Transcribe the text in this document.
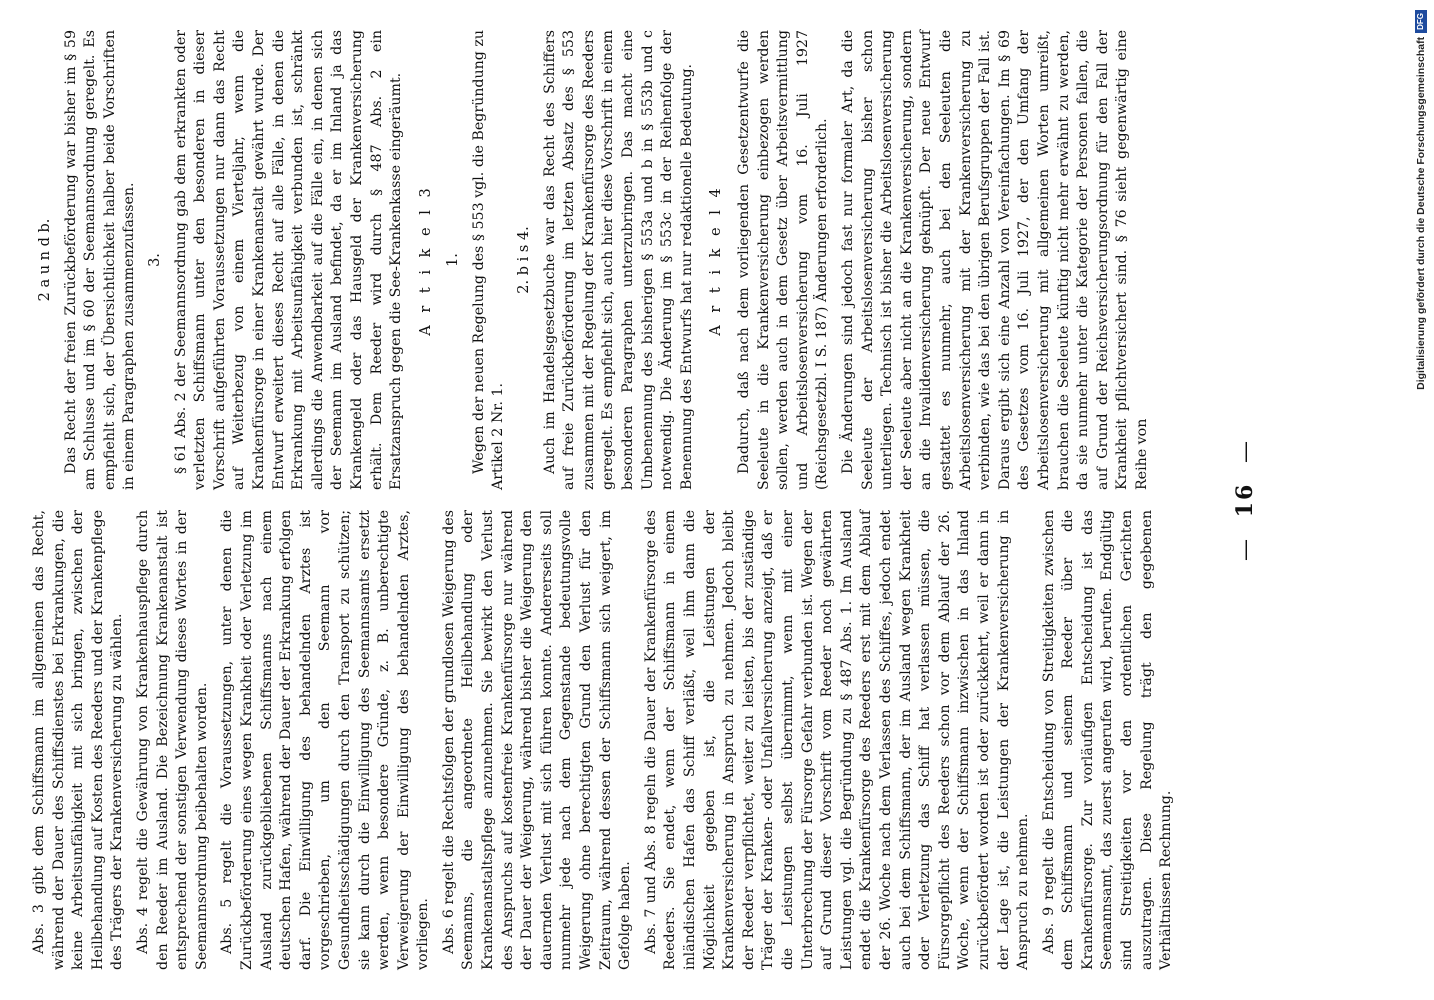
Abs. 3 gibt dem Schiffsmann im allgemeinen das Recht, während der Dauer des Schiffsdienstes bei Erkrankungen, die keine Arbeitsunfähigkeit mit sich bringen, zwischen der Heilbehandlung auf Kosten des Reeders und der Krankenpflege des Trägers der Krankenversicherung zu wählen. Abs. 4 regelt die Gewährung von Krankenhauspflege durch den Reeder im Ausland. Die Bezeichnung Krankenanstalt ist entsprechend der sonstigen Verwendung dieses Wortes in der Seemannsordnung beibehalten worden. Abs. 5 regelt die Voraussetzungen, unter denen die Zurückbeförderung eines wegen Krankheit oder Verletzung im Ausland zurückgebliebenen Schiffsmanns nach einem deutschen Hafen, während der Dauer der Erkrankung erfolgen darf. Die Einwilligung des behandelnden Arztes ist vorgeschrieben, um den Seemann vor Gesundheitsschädigungen durch den Transport zu schützen; sie kann durch die Einwilligung des Seemannsamts ersetzt werden, wenn besondere Gründe, z. B. unberechtigte Verweigerung der Einwilligung des behandelnden Arztes, vorliegen. Abs. 6 regelt die Rechtsfolgen der grundlosen Weigerung des Seemanns, die angeordnete Heilbehandlung oder Krankenanstaltspflege anzunehmen. Sie bewirkt den Verlust des Anspruchs auf kostenfreie Krankenfürsorge nur während der Dauer der Weigerung, während bisher die Weigerung den dauernden Verlust mit sich führen konnte. Andererseits soll nunmehr jede nach dem Gegenstande bedeutungsvolle Weigerung ohne berechtigten Grund den Verlust für den Zeitraum, während dessen der Schiffsmann sich weigert, im Gefolge haben. Abs. 7 und Abs. 8 regeln die Dauer der Krankenfürsorge des Reeders. Sie endet, wenn der Schiffsmann in einem inländischen Hafen das Schiff verläßt, weil ihm dann die Möglichkeit gegeben ist, die Leistungen der Krankenversicherung in Anspruch zu nehmen. Jedoch bleibt der Reeder verpflichtet, weiter zu leisten, bis der zuständige Träger der Kranken- oder Unfallversicherung anzeigt, daß er die Leistungen selbst übernimmt, wenn mit einer Unterbrechung der Fürsorge Gefahr verbunden ist. Wegen der auf Grund dieser Vorschrift vom Reeder noch gewährten Leistungen vgl. die Begründung zu § 487 Abs. 1. Im Ausland endet die Krankenfürsorge des Reeders erst mit dem Ablauf der 26. Woche nach dem Verlassen des Schiffes, jedoch endet auch bei dem Schiffsmann, der im Ausland wegen Krankheit oder Verletzung das Schiff hat verlassen müssen, die Fürsorgepflicht des Reeders schon vor dem Ablauf der 26. Woche, wenn der Schiffsmann inzwischen in das Inland zurückbefördert worden ist oder zurückkehrt, weil er dann in der Lage ist, die Leistungen der Krankenversicherung in Anspruch zu nehmen. Abs. 9 regelt die Entscheidung von Streitigkeiten zwischen dem Schiffsmann und seinem Reeder über die Krankenfürsorge. Zur vorläufigen Entscheidung ist das Seemannsamt, das zuerst angerufen wird, berufen. Endgültig sind Streitigkeiten vor den ordentlichen Gerichten auszutragen. Diese Regelung trägt den gegebenen Verhältnissen Rechnung.

2 a u n d b. Das Recht der freien Zurückbeförderung war bisher im § 59 am Schlusse und im § 60 der Seemannsordnung geregelt. Es empfiehlt sich, der Übersichtlichkeit halber beide Vorschriften in einem Paragraphen zusammenzufassen. 3. § 61 Abs. 2 der Seemannsordnung gab dem erkrankten oder verletzten Schiffsmann unter den besonderen in dieser Vorschrift aufgeführten Voraussetzungen nur dann das Recht auf Weiterbezug von einem Vierteljahr, wenn die Krankenfürsorge in einer Krankenanstalt gewährt wurde. Der Entwurf erweitert dieses Recht auf alle Fälle, in denen die Erkrankung mit Arbeitsunfähigkeit verbunden ist, schränkt allerdings die Anwendbarkeit auf die Fälle ein, in denen sich der Seemann im Ausland befindet, da er im Inland ja das Krankengeld oder das Hausgeld der Krankenversicherung erhält. Dem Reeder wird durch § 487 Abs. 2 ein Ersatzanspruch gegen die See-Krankenkasse eingeräumt. A r t i k e l 3 1. Wegen der neuen Regelung des § 553 vgl. die Begründung zu Artikel 2 Nr. 1.

2. b i s 4. Auch im Handelsgesetzbuche war das Recht des Schiffers auf freie Zurückbeförderung im letzten Absatz des § 553 zusammen mit der Regelung der Krankenfürsorge des Reeders geregelt. Es empfiehlt sich, auch hier diese Vorschrift in einem besonderen Paragraphen unterzubringen. Das macht eine Umbenennung des bisherigen § 553a und b in § 553b und c notwendig. Die Änderung im § 553c in der Reihenfolge der Benennung des Entwurfs hat nur redaktionelle Bedeutung. A r t i k e l 4 Dadurch, daß nach dem vorliegenden Gesetzentwurfe die Seeleute in die Krankenversicherung einbezogen werden sollen, werden auch in dem Gesetz über Arbeitsvermittlung und Arbeitslosenversicherung vom 16. Juli 1927 (Reichsgesetzbl. I S. 187) Änderungen erforderlich. Die Änderungen sind jedoch fast nur formaler Art, da die Seeleute der Arbeitslosenversicherung bisher schon unterliegen. Technisch ist bisher die Arbeitslosenversicherung der Seeleute aber nicht an die Krankenversicherung, sondern an die Invalidenversicherung geknüpft. Der neue Entwurf gestattet es nunmehr, auch bei den Seeleuten die Arbeitslosenversicherung mit der Krankenversicherung zu verbinden, wie das bei den übrigen Berufsgruppen der Fall ist. Daraus ergibt sich eine Anzahl von Vereinfachungen. Im § 69 des Gesetzes vom 16. Juli 1927, der den Umfang der Arbeitslosenversicherung mit allgemeinen Worten umreißt, brauchen die Seeleute künftig nicht mehr erwähnt zu werden, da sie nunmehr unter die Kategorie der Personen fallen, die auf Grund der Reichsversicherungsordnung für den Fall der Krankheit pflichtversichert sind. § 76 sieht gegenwärtig eine Reihe von

— 16 —
Digitalisierung gefördert durch die Deutsche ForschungsgemeinschaftDFG
